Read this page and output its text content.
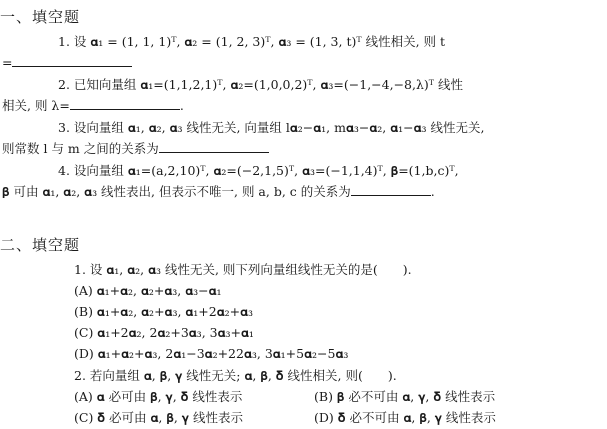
一、填空题
1. 设 𝛂₁ = (1, 1, 1)ᵀ, 𝛂₂ = (1, 2, 3)ᵀ, 𝛂₃ = (1, 3, t)ᵀ 线性相关, 则 t
=
2. 已知向量组 𝛂₁=(1,1,2,1)ᵀ, 𝛂₂=(1,0,0,2)ᵀ, 𝛂₃=(−1,−4,−8,λ)ᵀ 线性
相关, 则 λ=	.
3. 设向量组 𝛂₁, 𝛂₂, 𝛂₃ 线性无关, 向量组 l𝛂₂−𝛂₁, m𝛂₃−𝛂₂, 𝛂₁−𝛂₃ 线性无关,
则常数 l 与 m 之间的关系为
4. 设向量组 𝛂₁=(a,2,10)ᵀ, 𝛂₂=(−2,1,5)ᵀ, 𝛂₃=(−1,1,4)ᵀ, 𝛃=(1,b,c)ᵀ,
𝛃 可由 𝛂₁, 𝛂₂, 𝛂₃ 线性表出, 但表示不唯一, 则 a, b, c 的关系为	.
二、填空题
1. 设 𝛂₁, 𝛂₂, 𝛂₃ 线性无关, 则下列向量组线性无关的是(　　).
(A) 𝛂₁+𝛂₂, 𝛂₂+𝛂₃, 𝛂₃−𝛂₁
(B) 𝛂₁+𝛂₂, 𝛂₂+𝛂₃, 𝛂₁+2𝛂₂+𝛂₃
(C) 𝛂₁+2𝛂₂, 2𝛂₂+3𝛂₃, 3𝛂₃+𝛂₁
(D) 𝛂₁+𝛂₂+𝛂₃, 2𝛂₁−3𝛂₂+22𝛂₃, 3𝛂₁+5𝛂₂−5𝛂₃
2. 若向量组 𝛂, 𝛃, 𝛄 线性无关; 𝛂, 𝛃, 𝛅 线性相关, 则(　　).
(A) 𝛂 必可由 𝛃, 𝛄, 𝛅 线性表示	(B) 𝛃 必不可由 𝛂, 𝛄, 𝛅 线性表示
(C) 𝛅 必可由 𝛂, 𝛃, 𝛄 线性表示	(D) 𝛅 必不可由 𝛂, 𝛃, 𝛄 线性表示
